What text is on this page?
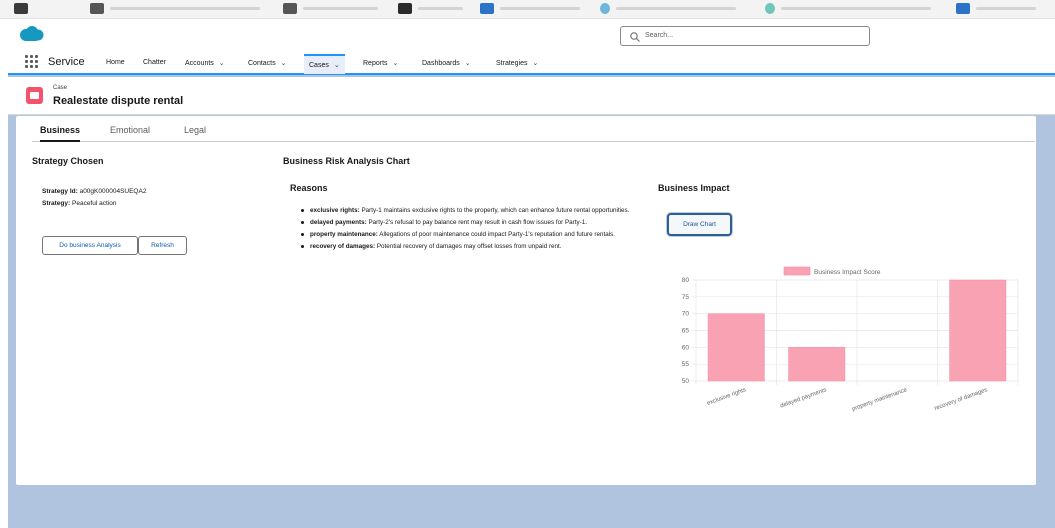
Search...
Service	Home	Chatter	Accounts ⌄	Contacts ⌄	Cases ⌄	Reports ⌄	Dashboards ⌄	Strategies ⌄
Case
Realestate dispute rental
Business	Emotional	Legal
Strategy Chosen
Strategy Id: a00gK000004SUEQA2
Strategy: Peaceful action
Do business Analysis	Refresh
Business Risk Analysis Chart
Reasons
exclusive rights: Party-1 maintains exclusive rights to the property, which can enhance future rental opportunities.
delayed payments: Party-2's refusal to pay balance rent may result in cash flow issues for Party-1.
property maintenance: Allegations of poor maintenance could impact Party-1's reputation and future rentals.
recovery of damages: Potential recovery of damages may offset losses from unpaid rent.
Business Impact
Draw Chart
Business Impact Score
50
55
60
65
70
75
80
exclusive rights	delayed payments	property maintenance	recovery of damages
